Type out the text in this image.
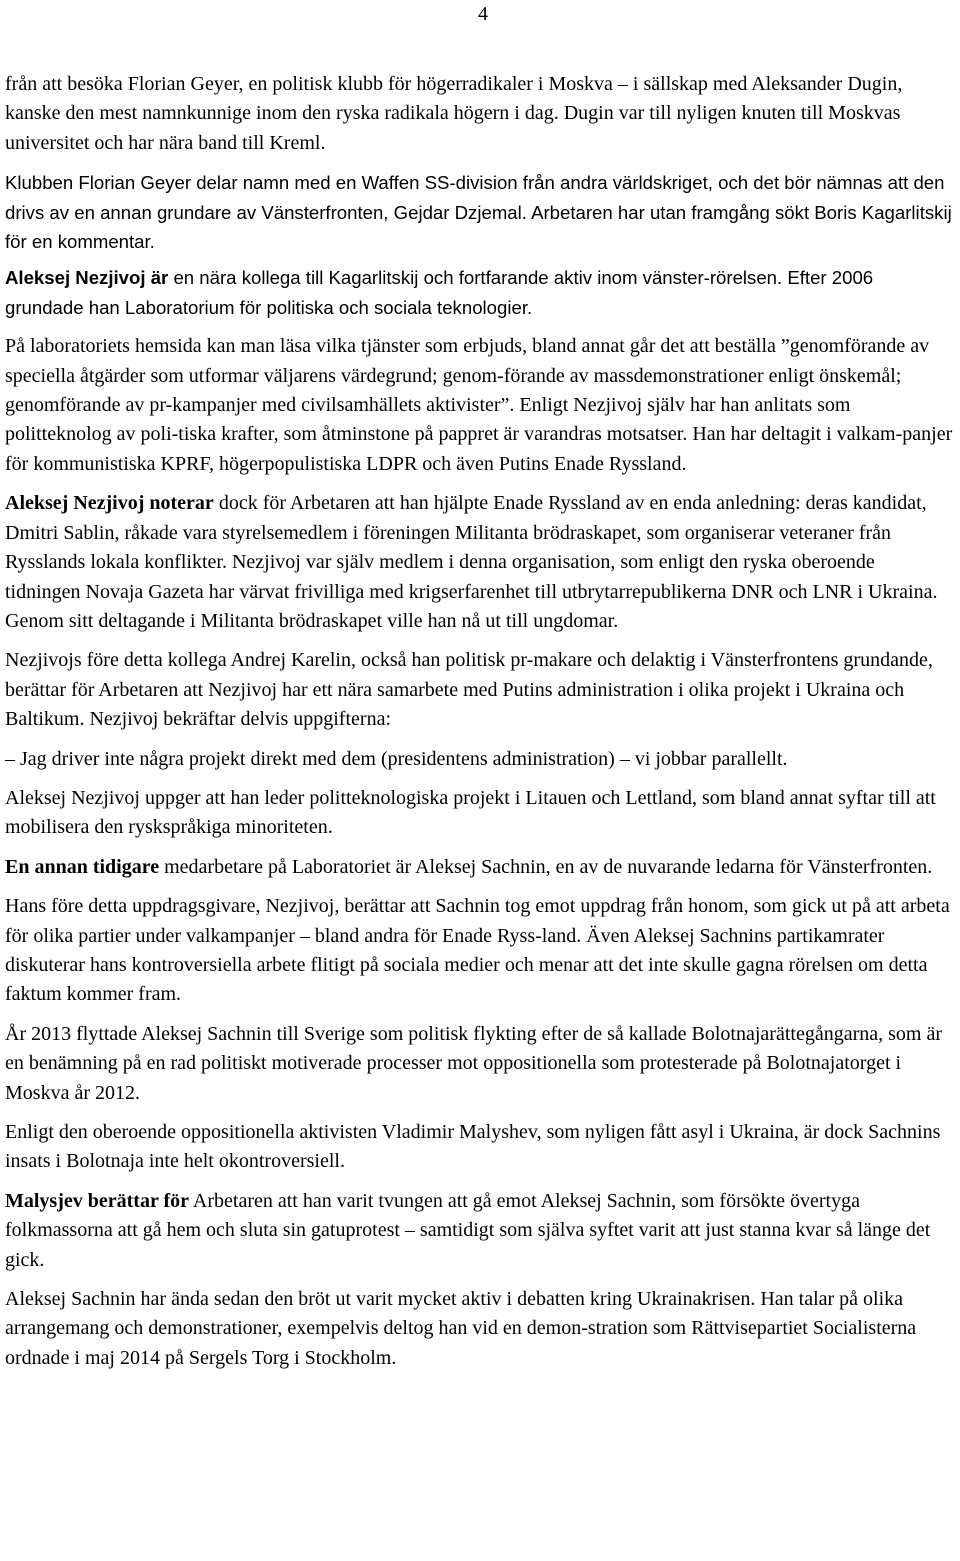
4

från att besöka Florian Geyer, en politisk klubb för högerradikaler i Moskva – i sällskap med Aleksander Dugin, kanske den mest namnkunnige inom den ryska radikala högern i dag. Dugin var till nyligen knuten till Moskvas universitet och har nära band till Kreml.

Klubben Florian Geyer delar namn med en Waffen SS-division från andra världskriget, och det bör nämnas att den drivs av en annan grundare av Vänsterfronten, Gejdar Dzjemal. Arbetaren har utan framgång sökt Boris Kagarlitskij för en kommentar.

Aleksej Nezjivoj är en nära kollega till Kagarlitskij och fortfarande aktiv inom vänster-rörelsen. Efter 2006 grundade han Laboratorium för politiska och sociala teknologier.

På laboratoriets hemsida kan man läsa vilka tjänster som erbjuds, bland annat går det att beställa ”genomförande av speciella åtgärder som utformar väljarens värdegrund; genom-förande av massdemonstrationer enligt önskemål; genomförande av pr-kampanjer med civilsamhällets aktivister”. Enligt Nezjivoj själv har han anlitats som politteknolog av poli-tiska krafter, som åtminstone på pappret är varandras motsatser. Han har deltagit i valkam-panjer för kommunistiska KPRF, högerpopulistiska LDPR och även Putins Enade Ryssland.

Aleksej Nezjivoj noterar dock för Arbetaren att han hjälpte Enade Ryssland av en enda anledning: deras kandidat, Dmitri Sablin, råkade vara styrelsemedlem i föreningen Militanta brödraskapet, som organiserar veteraner från Rysslands lokala konflikter. Nezjivoj var själv medlem i denna organisation, som enligt den ryska oberoende tidningen Novaja Gazeta har värvat frivilliga med krigserfarenhet till utbrytarrepublikerna DNR och LNR i Ukraina. Genom sitt deltagande i Militanta brödraskapet ville han nå ut till ungdomar.

Nezjivojs före detta kollega Andrej Karelin, också han politisk pr-makare och delaktig i Vänsterfrontens grundande, berättar för Arbetaren att Nezjivoj har ett nära samarbete med Putins administration i olika projekt i Ukraina och Baltikum. Nezjivoj bekräftar delvis uppgifterna:

– Jag driver inte några projekt direkt med dem (presidentens administration) – vi jobbar parallellt.

Aleksej Nezjivoj uppger att han leder politteknologiska projekt i Litauen och Lettland, som bland annat syftar till att mobilisera den ryskspråkiga minoriteten.

En annan tidigare medarbetare på Laboratoriet är Aleksej Sachnin, en av de nuvarande ledarna för Vänsterfronten.

Hans före detta uppdragsgivare, Nezjivoj, berättar att Sachnin tog emot uppdrag från honom, som gick ut på att arbeta för olika partier under valkampanjer – bland andra för Enade Ryss-land. Även Aleksej Sachnins partikamrater diskuterar hans kontroversiella arbete flitigt på sociala medier och menar att det inte skulle gagna rörelsen om detta faktum kommer fram.

År 2013 flyttade Aleksej Sachnin till Sverige som politisk flykting efter de så kallade Bolotnajarättegångarna, som är en benämning på en rad politiskt motiverade processer mot oppositionella som protesterade på Bolotnajatorget i Moskva år 2012.

Enligt den oberoende oppositionella aktivisten Vladimir Malyshev, som nyligen fått asyl i Ukraina, är dock Sachnins insats i Bolotnaja inte helt okontroversiell.

Malysjev berättar för Arbetaren att han varit tvungen att gå emot Aleksej Sachnin, som försökte övertyga folkmassorna att gå hem och sluta sin gatuprotest – samtidigt som själva syftet varit att just stanna kvar så länge det gick.

Aleksej Sachnin har ända sedan den bröt ut varit mycket aktiv i debatten kring Ukrainakrisen. Han talar på olika arrangemang och demonstrationer, exempelvis deltog han vid en demon-stration som Rättvisepartiet Socialisterna ordnade i maj 2014 på Sergels Torg i Stockholm.
